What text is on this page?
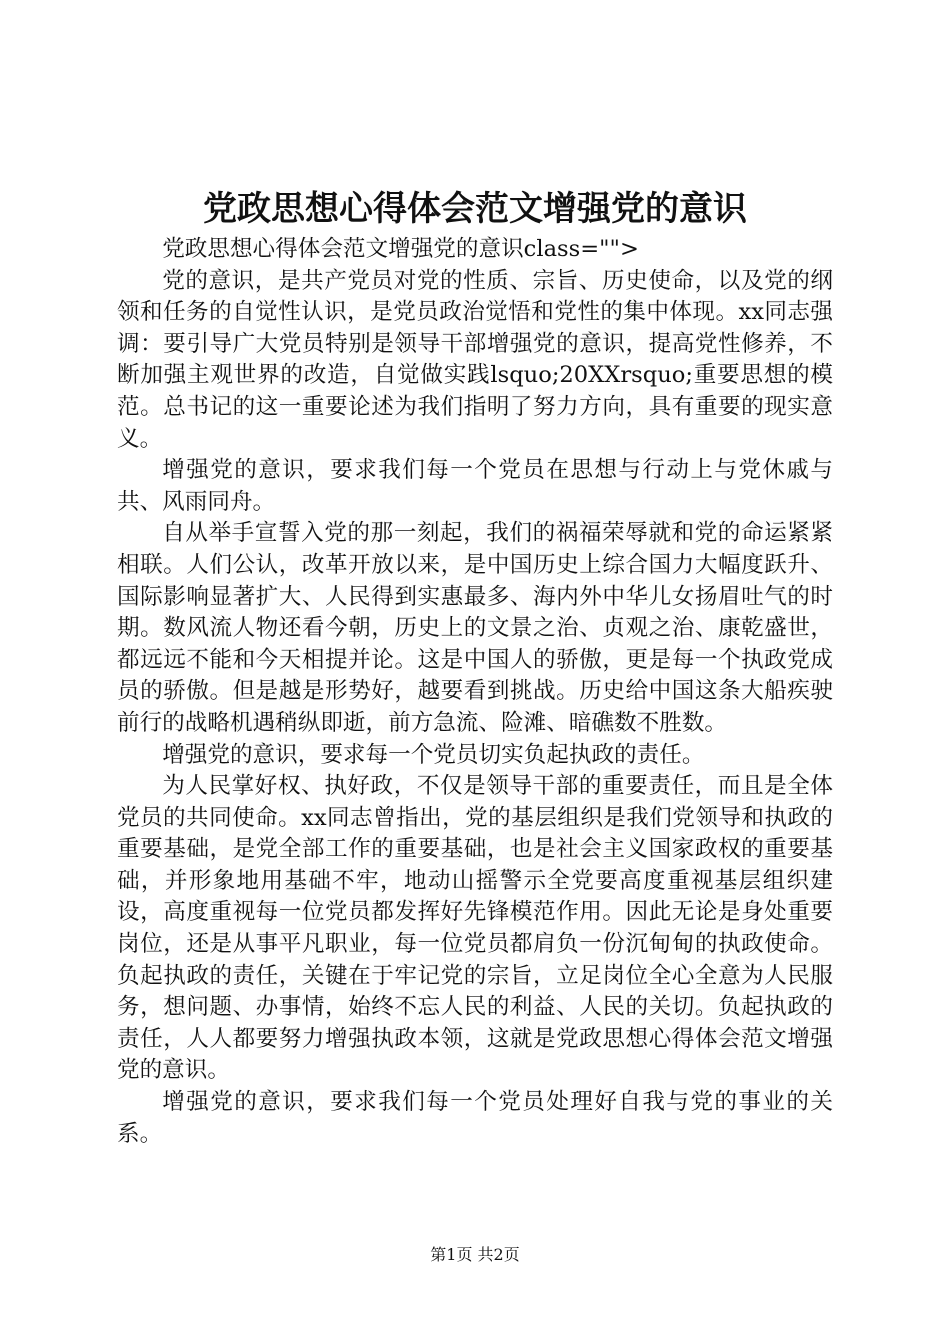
党政思想心得体会范文增强党的意识

党政思想心得体会范文增强党的意识class="">

党的意识，是共产党员对党的性质、宗旨、历史使命，以及党的纲领和任务的自觉性认识，是党员政治觉悟和党性的集中体现。xx同志强调：要引导广大党员特别是领导干部增强党的意识，提高党性修养，不断加强主观世界的改造，自觉做实践lsquo;20XXrsquo;重要思想的模范。总书记的这一重要论述为我们指明了努力方向，具有重要的现实意义。

增强党的意识，要求我们每一个党员在思想与行动上与党休戚与共、风雨同舟。

自从举手宣誓入党的那一刻起，我们的祸福荣辱就和党的命运紧紧相联。人们公认，改革开放以来，是中国历史上综合国力大幅度跃升、国际影响显著扩大、人民得到实惠最多、海内外中华儿女扬眉吐气的时期。数风流人物还看今朝，历史上的文景之治、贞观之治、康乾盛世，都远远不能和今天相提并论。这是中国人的骄傲，更是每一个执政党成员的骄傲。但是越是形势好，越要看到挑战。历史给中国这条大船疾驶前行的战略机遇稍纵即逝，前方急流、险滩、暗礁数不胜数。

增强党的意识，要求每一个党员切实负起执政的责任。

为人民掌好权、执好政，不仅是领导干部的重要责任，而且是全体党员的共同使命。xx同志曾指出，党的基层组织是我们党领导和执政的重要基础，是党全部工作的重要基础，也是社会主义国家政权的重要基础，并形象地用基础不牢，地动山摇警示全党要高度重视基层组织建设，高度重视每一位党员都发挥好先锋模范作用。因此无论是身处重要岗位，还是从事平凡职业，每一位党员都肩负一份沉甸甸的执政使命。负起执政的责任，关键在于牢记党的宗旨，立足岗位全心全意为人民服务，想问题、办事情，始终不忘人民的利益、人民的关切。负起执政的责任，人人都要努力增强执政本领，这就是党政思想心得体会范文增强党的意识。

增强党的意识，要求我们每一个党员处理好自我与党的事业的关系。

第1页 共2页
